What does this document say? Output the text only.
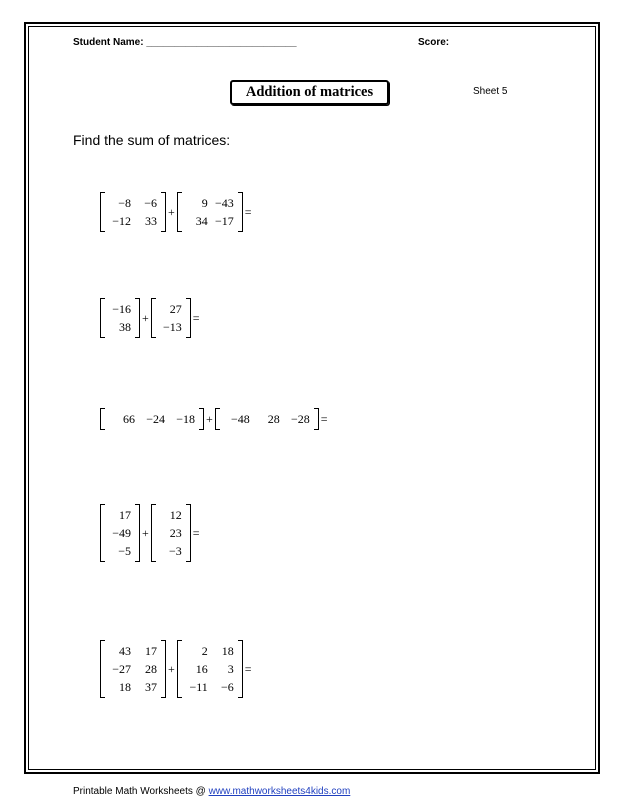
Student Name: ___________________________	Score:
Addition of matrices	Sheet 5
Find the sum of matrices:
−8	−6
−12	33
+
9 −43
34 −17
=
−16
38
+
27
−13
=
66 −24 −18 +	−48	28 −28 =
17
−49
−5
+
12
23
−3
=
43	17
−27	28
18	37
+
2	18
16	3
−11	−6
=
Printable Math Worksheets @ www.mathworksheets4kids.com
